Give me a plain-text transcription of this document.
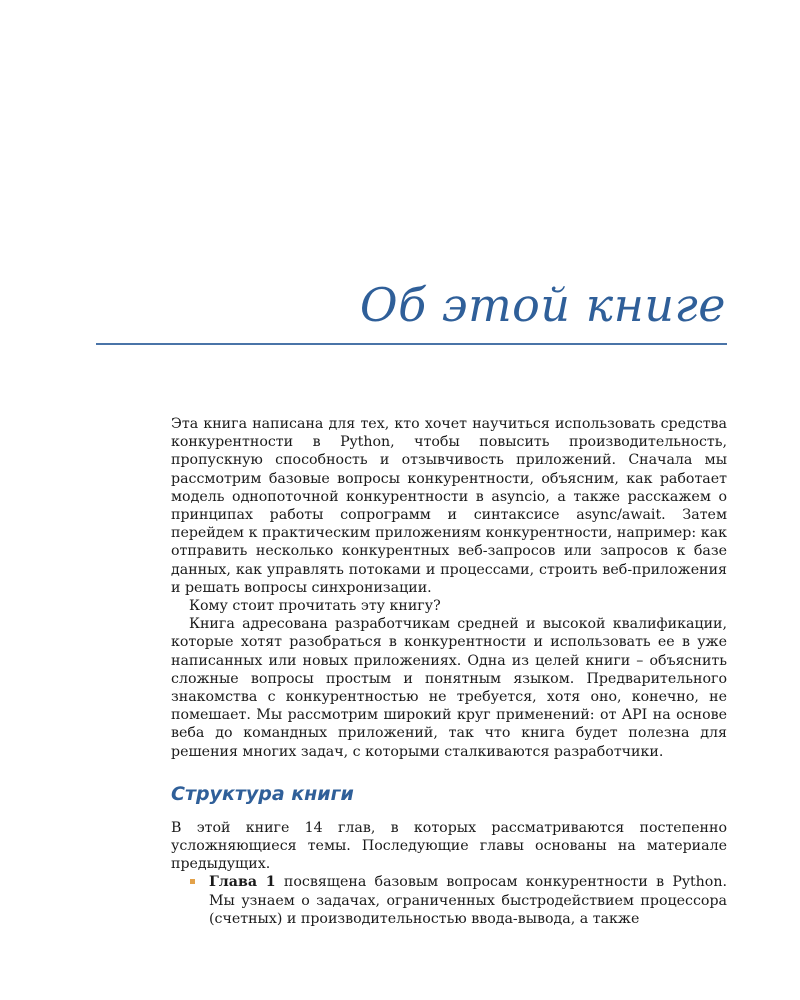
Об этой книге

Эта книга написана для тех, кто хочет научиться использовать средства конкурентности в Python, чтобы повысить производительность, пропускную способность и отзывчивость приложений. Сначала мы рассмотрим базовые вопросы конкурентности, объясним, как работает модель однопоточной конкурентности в asyncio, а также расскажем о принципах работы сопрограмм и синтаксисе async/await. Затем перейдем к практическим приложениям конкурентности, например: как отправить несколько конкурентных веб-запросов или запросов к базе данных, как управлять потоками и процессами, строить веб-приложения и решать вопросы синхронизации.

Кому стоит прочитать эту книгу?

Книга адресована разработчикам средней и высокой квалификации, которые хотят разобраться в конкурентности и использовать ее в уже написанных или новых приложениях. Одна из целей книги – объяснить сложные вопросы простым и понятным языком. Предварительного знакомства с конкурентностью не требуется, хотя оно, конечно, не помешает. Мы рассмотрим широкий круг применений: от API на основе веба до командных приложений, так что книга будет полезна для решения многих задач, с которыми сталкиваются разработчики.

Структура книги

В этой книге 14 глав, в которых рассматриваются постепенно усложняющиеся темы. Последующие главы основаны на материале предыдущих.

Глава 1 посвящена базовым вопросам конкурентности в Python. Мы узнаем о задачах, ограниченных быстродействием процессора (счетных) и производительностью ввода-вывода, а также
